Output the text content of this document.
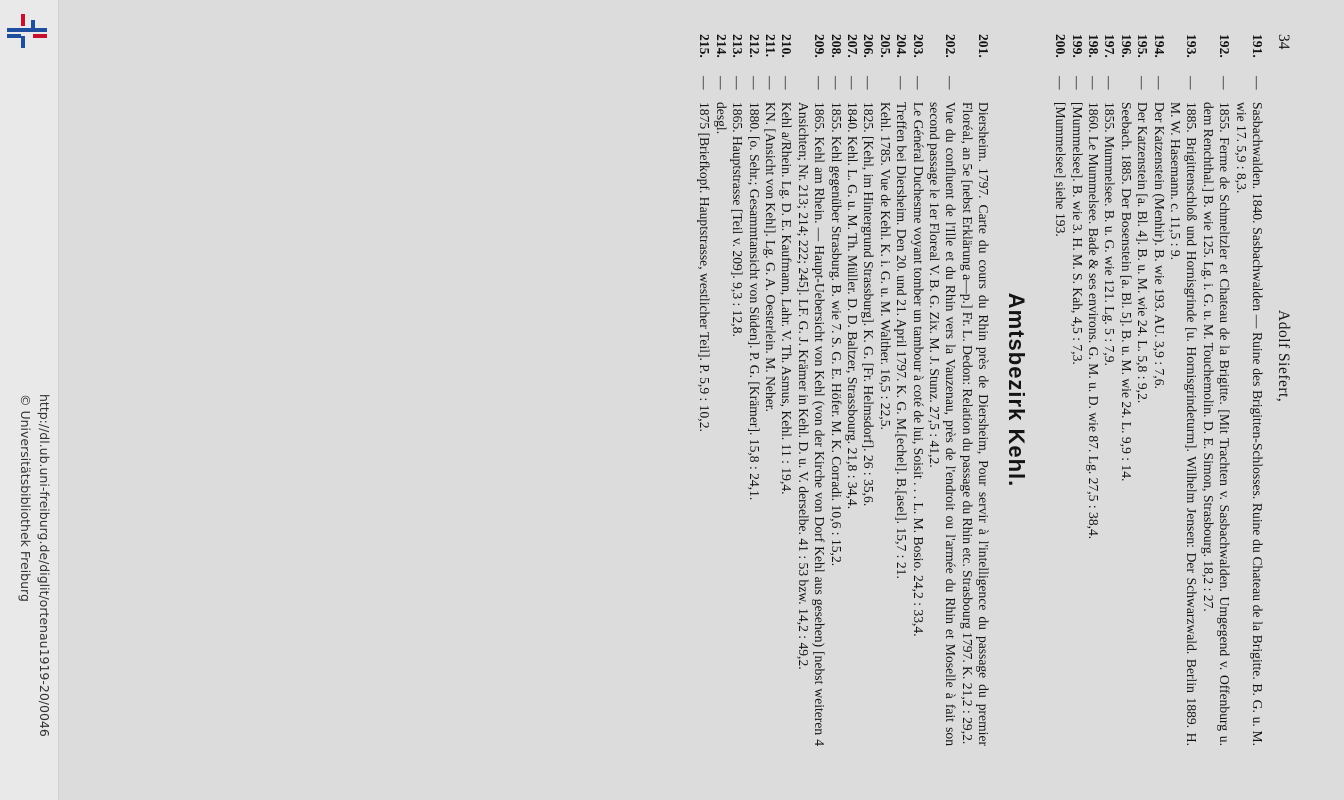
http://dl.ub.uni-freiburg.de/diglit/ortenau1919-20/0046
© Universitätsbibliothek Freiburg
34
Adolf Siefert,
191.
—
Sasbachwalden. 1840. Sasbachwalden — Ruine des Brigitten-Schlosses. Ruine du Chateau de la Brigitte. B. G. u. M. wie 17. 5,9 : 8,3.
192.
—
1855. Ferme de Schmeltzler et Chateau de la Brigitte. [Mit Trachten v. Sasbachwalden. Umgegend v. Offenburg u. dem Renchthal.] B. wie 125. Lg. i. G. u. M. Touchemolin. D. E. Simon, Strasbourg. 18,2 : 27.
193.
—
1885. Brigittenschloß und Hornisgrinde [u. Hornisgrindeturm]. Wilhelm Jensen: Der Schwarzwald. Berlin 1889. H. M. W. Hasemann. c. 11,5 : 9.
194.
—
Der Katzenstein (Menhir). B. wie 193. AU. 3,9 : 7,6.
195.
—
Der Katzenstein [a. Bl. 4]. B. u. M. wie 24. L. 5,8 : 9,2.
196.
Seebach. 1885. Der Bosenstein [a. Bl. 5]. B. u. M. wie 24. L. 9,9 : 14.
197.
—
1855. Mummelsee. B. u. G. wie 121. Lg. 5 : 7,9.
198.
—
1860. Le Mummelsee. Bade & ses environs. G. M. u. D. wie 87. Lg. 27,5 : 38,4.
199.
—
[Mummelsee]. B. wie 3. H. M. S. Kah, 4,5 : 7,3.
200.
—
[Mummelsee] siehe 193.
Amtsbezirk Kehl.
201.
Diersheim. 1797. Carte du cours du Rhin près de Diersheim, Pour servir à l'intelligence du passage du premier Floréal, an 5e [nebst Erklärung a—p.] Fr. L. Dedon: Relation du passage du Rhin etc. Strasbourg 1797. K. 21,2 : 29,2.
202.
—
Vue du confluent de l'Ille et du Rhin vers la Vauzenau, près de l'endroit ou l'armée du Rhin et Moselle à fait son second passage le 1er Floreal V. B. G. Zix. M. J. Stunz. 27,5 : 41,2.
203.
—
Le Général Duchesme voyant tomber un tambour à coté de lui, Soisit . . . L. M. Bosio. 24,2 : 33,4.
204.
—
Treffen bei Diersheim. Den 20. und 21. April 1797. K. G. M.[echel]. B.[asel]. 15,7 : 21.
205.
Kehl. 1785. Vue de Kehl. K. i. G. u. M. Walther. 16,5 : 22,5.
206.
—
1825. [Kehl, im Hintergrund Strassburg]. K. G. [Fr. Helmsdorf]. 26 : 35,6.
207.
—
1840. Kehl. L. G. u. M. Th. Müller. D. D. Baltzer, Strassbourg. 21,8 : 34,4.
208.
—
1855. Kehl gegenüber Strasburg. B. wie 7. S. G. E. Höfer. M. K. Corradi. 10,6 : 15,2.
209.
—
1865. Kehl am Rhein. — Haupt-Uebersicht von Kehl (von der Kirche von Dorf Kehl aus gesehen) [nebst weiteren 4 Ansichten; Nr. 213; 214; 222; 245]. LF. G. J. Krämer in Kehl. D. u. V. derselbe. 41 : 53 bzw. 14,2 : 49,2.
210.
—
Kehl a/Rhein. Lg. D. E. Kaufmann, Lahr. V. Th. Asmus, Kehl. 11 : 19,4.
211.
—
KN. [Ansicht von Kehl]. Lg. G. A. Oesterlein. M. Neher.
212.
—
1880. [o. Sehr.; Gesammtansicht von Süden]. P. G. [Krämer]. 15,8 : 24,1.
213.
—
1865. Hauptstrasse [Teil v. 209]. 9,3 : 12,8.
214.
—
desgl.
215.
—
1875 [Briefkopf. Hauptstrasse, westlicher Teil]. P. 5,9 : 10,2.
